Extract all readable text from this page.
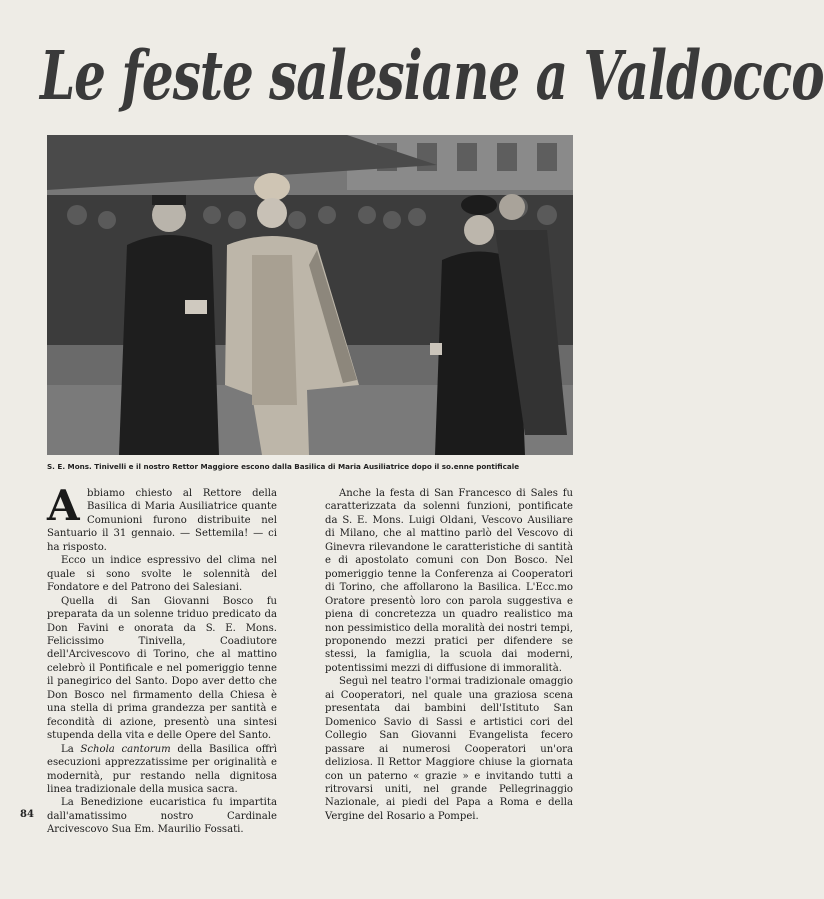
Le feste salesiane a Valdocco
S. E. Mons. Tinivelli e il nostro Rettor Maggiore escono dalla Basilica di Maria Ausiliatrice dopo il so.enne pontificale

Abbiamo chiesto al Rettore della Basilica di Maria Ausiliatrice quante Comunioni furono distribuite nel Santuario il 31 gennaio. — Settemila! — ci ha risposto.

Ecco un indice espressivo del clima nel quale si sono svolte le solennità del Fondatore e del Patrono dei Salesiani.

Quella di San Giovanni Bosco fu preparata da un solenne triduo predicato da Don Favini e onorata da S. E. Mons. Felicissimo Tinivella, Coadiutore dell'Arcivescovo di Torino, che al mattino celebrò il Pontificale e nel pomeriggio tenne il panegirico del Santo. Dopo aver detto che Don Bosco nel firmamento della Chiesa è una stella di prima grandezza per santità e fecondità di azione, presentò una sintesi stupenda della vita e delle Opere del Santo.

La Schola cantorum della Basilica offrì esecuzioni apprezzatissime per originalità e modernità, pur restando nella dignitosa linea tradizionale della musica sacra.

La Benedizione eucaristica fu impartita dall'amatissimo nostro Cardinale Arcivescovo Sua Em. Maurilio Fossati.

Anche la festa di San Francesco di Sales fu caratterizzata da solenni funzioni, pontificate da S. E. Mons. Luigi Oldani, Vescovo Ausiliare di Milano, che al mattino parlò del Vescovo di Ginevra rilevandone le caratteristiche di santità e di apostolato comuni con Don Bosco. Nel pomeriggio tenne la Conferenza ai Cooperatori di Torino, che affollarono la Basilica. L'Ecc.mo Oratore presentò loro con parola suggestiva e piena di concretezza un quadro realistico ma non pessimistico della moralità dei nostri tempi, proponendo mezzi pratici per difendere se stessi, la famiglia, la scuola dai moderni, potentissimi mezzi di diffusione di immoralità.

Seguì nel teatro l'ormai tradizionale omaggio ai Cooperatori, nel quale una graziosa scena presentata dai bambini dell'Istituto San Domenico Savio di Sassi e artistici cori del Collegio San Giovanni Evangelista fecero passare ai numerosi Cooperatori un'ora deliziosa. Il Rettor Maggiore chiuse la giornata con un paterno « grazie » e invitando tutti a ritrovarsi uniti, nel grande Pellegrinaggio Nazionale, ai piedi del Papa a Roma e della Vergine del Rosario a Pompei.

84
